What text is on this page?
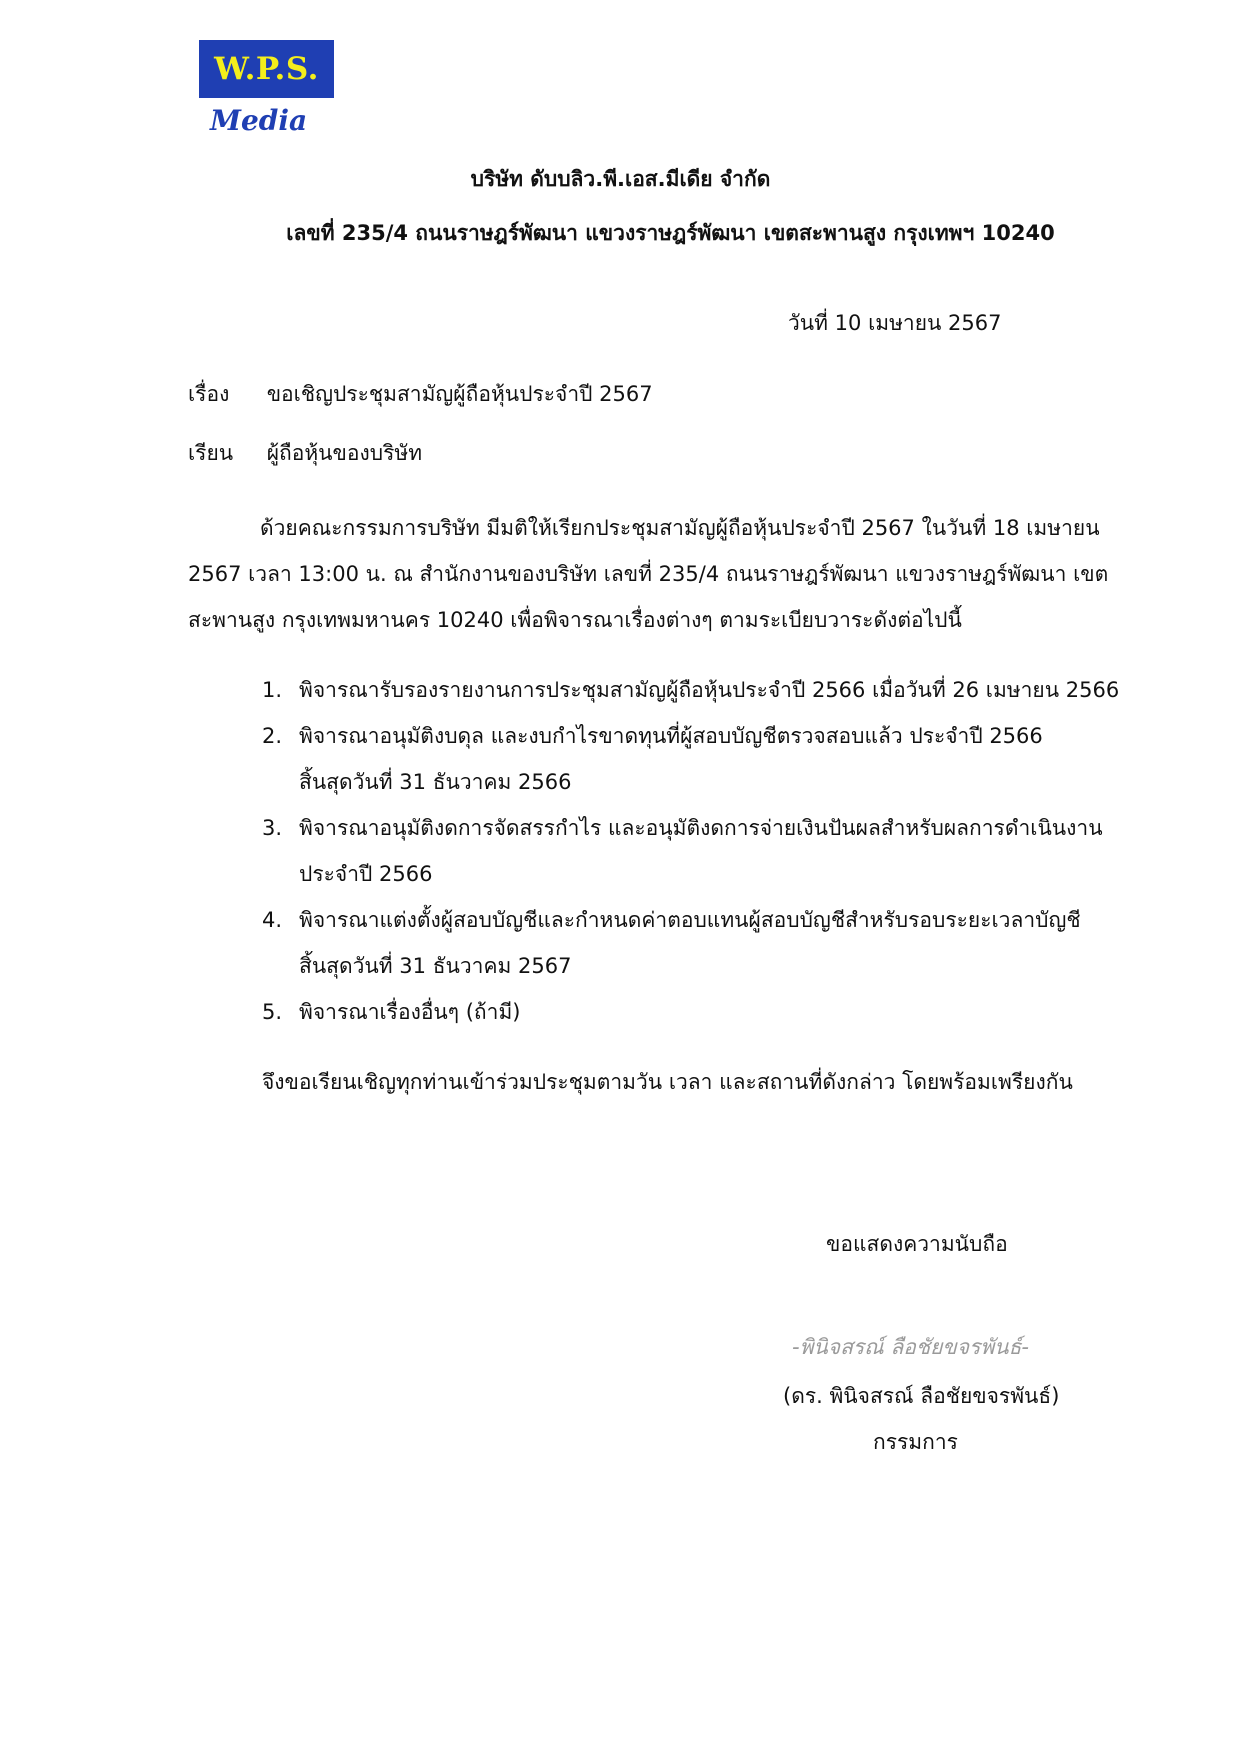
W.P.S.
Media
บริษัท ดับบลิว.พี.เอส.มีเดีย จำกัด
เลขที่ 235/4 ถนนราษฎร์พัฒนา แขวงราษฎร์พัฒนา เขตสะพานสูง กรุงเทพฯ 10240
วันที่ 10 เมษายน 2567
เรื่อง ขอเชิญประชุมสามัญผู้ถือหุ้นประจำปี 2567
เรียน ผู้ถือหุ้นของบริษัท
ด้วยคณะกรรมการบริษัท มีมติให้เรียกประชุมสามัญผู้ถือหุ้นประจำปี 2567 ในวันที่ 18 เมษายน
2567 เวลา 13:00 น. ณ สำนักงานของบริษัท เลขที่ 235/4 ถนนราษฎร์พัฒนา แขวงราษฎร์พัฒนา เขต
สะพานสูง กรุงเทพมหานคร 10240 เพื่อพิจารณาเรื่องต่างๆ ตามระเบียบวาระดังต่อไปนี้
1. พิจารณารับรองรายงานการประชุมสามัญผู้ถือหุ้นประจำปี 2566 เมื่อวันที่ 26 เมษายน 2566
2. พิจารณาอนุมัติงบดุล และงบกำไรขาดทุนที่ผู้สอบบัญชีตรวจสอบแล้ว ประจำปี 2566
สิ้นสุดวันที่ 31 ธันวาคม 2566
3. พิจารณาอนุมัติงดการจัดสรรกำไร และอนุมัติงดการจ่ายเงินปันผลสำหรับผลการดำเนินงาน
ประจำปี 2566
4. พิจารณาแต่งตั้งผู้สอบบัญชีและกำหนดค่าตอบแทนผู้สอบบัญชีสำหรับรอบระยะเวลาบัญชี
สิ้นสุดวันที่ 31 ธันวาคม 2567
5. พิจารณาเรื่องอื่นๆ (ถ้ามี)
จึงขอเรียนเชิญทุกท่านเข้าร่วมประชุมตามวัน เวลา และสถานที่ดังกล่าว โดยพร้อมเพรียงกัน
ขอแสดงความนับถือ
-พินิจสรณ์ ลือชัยขจรพันธ์-
(ดร. พินิจสรณ์ ลือชัยขจรพันธ์)
กรรมการ
